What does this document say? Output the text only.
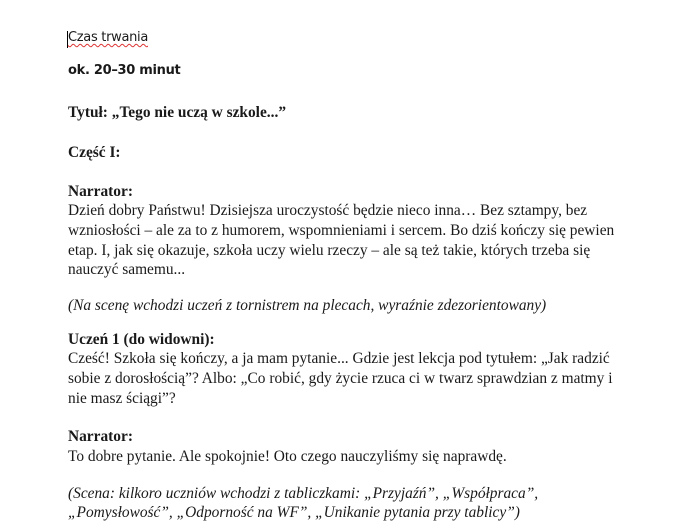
Czas trwania
ok. 20–30 minut
Tytuł: „Tego nie uczą w szkole...”
Część I:
Narrator:
Dzień dobry Państwu! Dzisiejsza uroczystość będzie nieco inna… Bez sztampy, bez
wzniosłości – ale za to z humorem, wspomnieniami i sercem. Bo dziś kończy się pewien
etap. I, jak się okazuje, szkoła uczy wielu rzeczy – ale są też takie, których trzeba się
nauczyć samemu...
(Na scenę wchodzi uczeń z tornistrem na plecach, wyraźnie zdezorientowany)
Uczeń 1 (do widowni):
Cześć! Szkoła się kończy, a ja mam pytanie... Gdzie jest lekcja pod tytułem: „Jak radzić
sobie z dorosłością”? Albo: „Co robić, gdy życie rzuca ci w twarz sprawdzian z matmy i
nie masz ściągi”?
Narrator:
To dobre pytanie. Ale spokojnie! Oto czego nauczyliśmy się naprawdę.
(Scena: kilkoro uczniów wchodzi z tabliczkami: „Przyjaźń”, „Współpraca”,
„Pomysłowość”, „Odporność na WF”, „Unikanie pytania przy tablicy”)
